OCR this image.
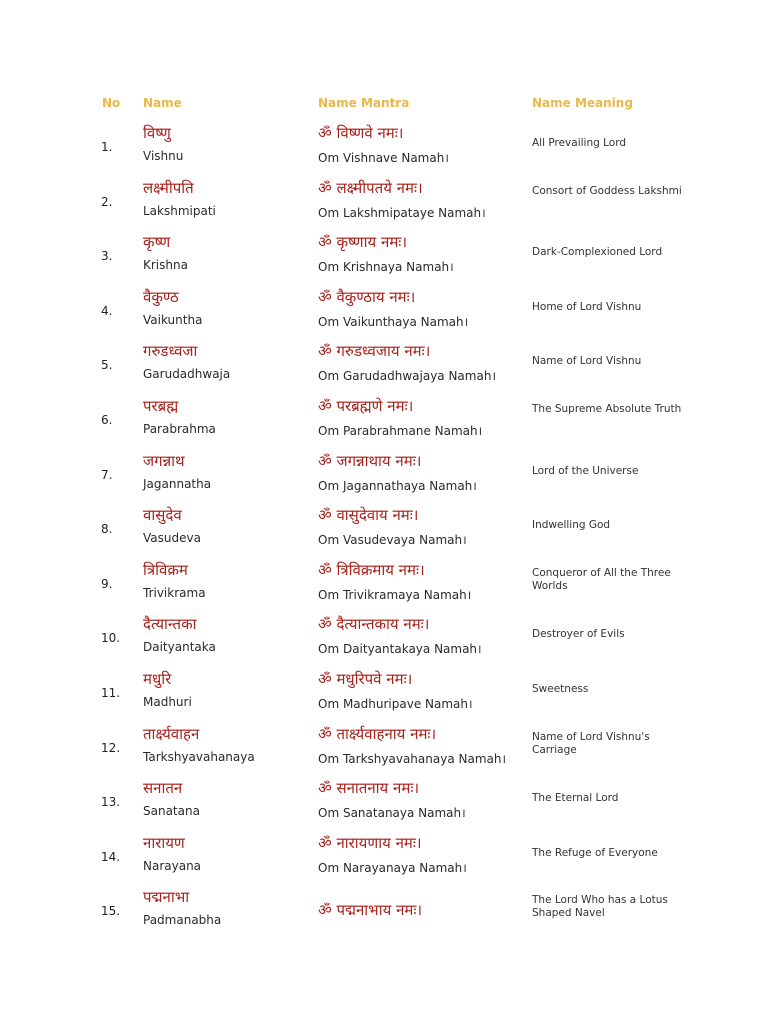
No Name	Name Mantra	Name Meaning
1.
विष्णु
Vishnu
ॐ विष्णवे नमः।
Om Vishnave Namah।
All Prevailing Lord
2.
लक्ष्मीपति
Lakshmipati
ॐ लक्ष्मीपतये नमः।
Om Lakshmipataye Namah।
Consort of Goddess Lakshmi
3.
कृष्ण
Krishna
ॐ कृष्णाय नमः।
Om Krishnaya Namah।
Dark-Complexioned Lord
4.
वैकुण्ठ
Vaikuntha
ॐ वैकुण्ठाय नमः।
Om Vaikunthaya Namah।
Home of Lord Vishnu
5.
गरुडध्वजा
Garudadhwaja
ॐ गरुडध्वजाय नमः।
Om Garudadhwajaya Namah।
Name of Lord Vishnu
6.
परब्रह्म
Parabrahma
ॐ परब्रह्मणे नमः।
Om Parabrahmane Namah।
The Supreme Absolute Truth
7.
जगन्नाथ
Jagannatha
ॐ जगन्नाथाय नमः।
Om Jagannathaya Namah।
Lord of the Universe
8.
वासुदेव
Vasudeva
ॐ वासुदेवाय नमः।
Om Vasudevaya Namah।
Indwelling God
9.
त्रिविक्रम
Trivikrama
ॐ त्रिविक्रमाय नमः।
Om Trivikramaya Namah।
Conqueror of All the Three Worlds
10.
दैत्यान्तका
Daityantaka
ॐ दैत्यान्तकाय नमः।
Om Daityantakaya Namah।
Destroyer of Evils
11.
मधुरि
Madhuri
ॐ मधुरिपवे नमः।
Om Madhuripave Namah।
Sweetness
12.
तार्क्ष्यवाहन
Tarkshyavahanaya
ॐ तार्क्ष्यवाहनाय नमः।
Om Tarkshyavahanaya Namah।
Name of Lord Vishnu's Carriage
13.
सनातन
Sanatana
ॐ सनातनाय नमः।
Om Sanatanaya Namah।
The Eternal Lord
14.
नारायण
Narayana
ॐ नारायणाय नमः।
Om Narayanaya Namah।
The Refuge of Everyone
15.
पद्मनाभा
Padmanabha
ॐ पद्मनाभाय नमः।
The Lord Who has a Lotus Shaped Navel
